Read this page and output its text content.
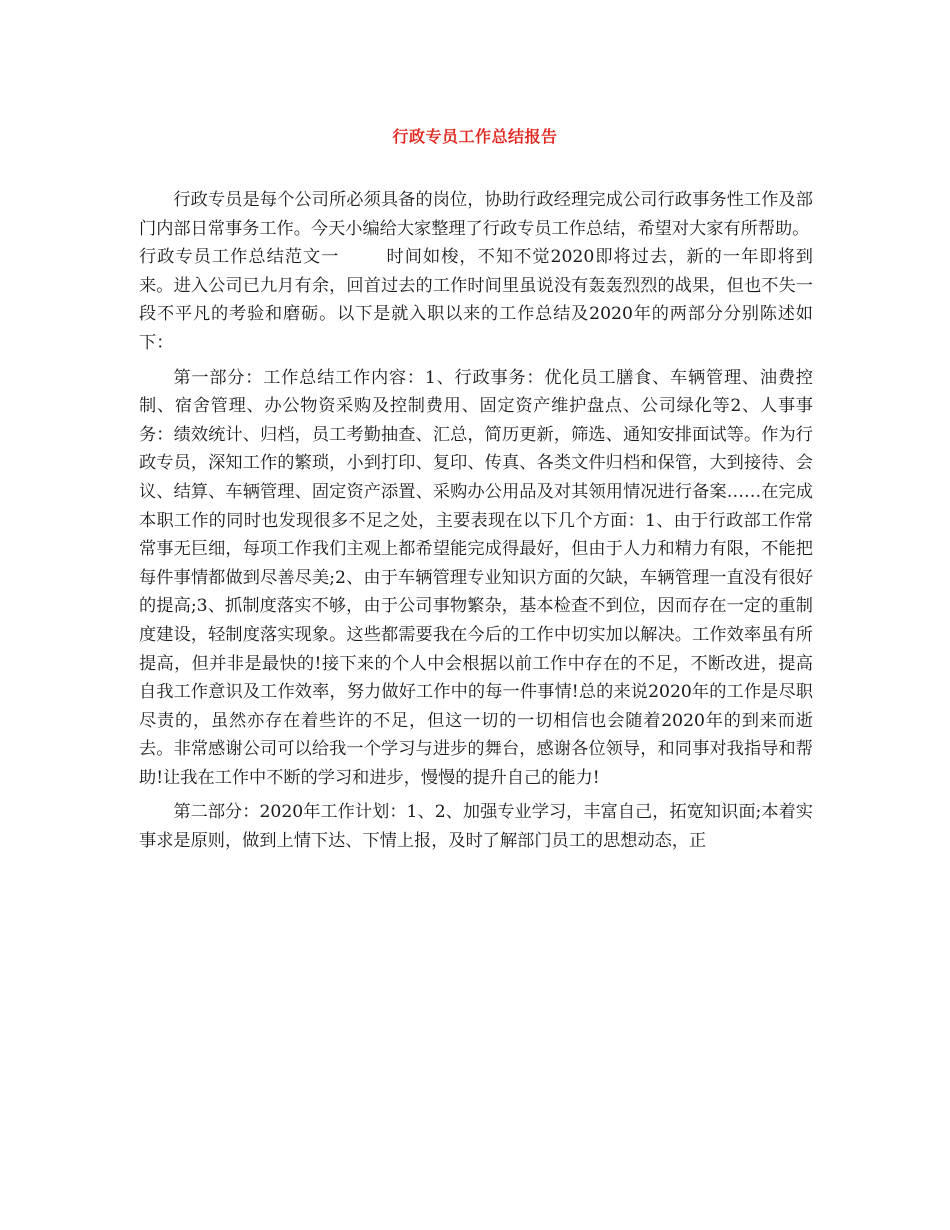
行政专员工作总结报告

行政专员是每个公司所必须具备的岗位，协助行政经理完成公司行政事务性工作及部门内部日常事务工作。今天小编给大家整理了行政专员工作总结，希望对大家有所帮助。

行政专员工作总结范文一	时间如梭，不知不觉2020即将过去，新的一年即将到来。进入公司已九月有余，回首过去的工作时间里虽说没有轰轰烈烈的战果，但也不失一段不平凡的考验和磨砺。以下是就入职以来的工作总结及2020年的两部分分别陈述如下：

第一部分：工作总结工作内容：1、行政事务：优化员工膳食、车辆管理、油费控制、宿舍管理、办公物资采购及控制费用、固定资产维护盘点、公司绿化等2、人事事务：绩效统计、归档，员工考勤抽查、汇总，简历更新，筛选、通知安排面试等。作为行政专员，深知工作的繁琐，小到打印、复印、传真、各类文件归档和保管，大到接待、会议、结算、车辆管理、固定资产添置、采购办公用品及对其领用情况进行备案……在完成本职工作的同时也发现很多不足之处，主要表现在以下几个方面：1、由于行政部工作常常事无巨细，每项工作我们主观上都希望能完成得最好，但由于人力和精力有限，不能把每件事情都做到尽善尽美;2、由于车辆管理专业知识方面的欠缺，车辆管理一直没有很好的提高;3、抓制度落实不够，由于公司事物繁杂，基本检查不到位，因而存在一定的重制度建设，轻制度落实现象。这些都需要我在今后的工作中切实加以解决。工作效率虽有所提高，但并非是最快的!接下来的个人中会根据以前工作中存在的不足，不断改进，提高自我工作意识及工作效率，努力做好工作中的每一件事情!总的来说2020年的工作是尽职尽责的，虽然亦存在着些许的不足，但这一切的一切相信也会随着2020年的到来而逝去。非常感谢公司可以给我一个学习与进步的舞台，感谢各位领导，和同事对我指导和帮助!让我在工作中不断的学习和进步，慢慢的提升自己的能力!

第二部分：2020年工作计划：1、2、加强专业学习，丰富自己，拓宽知识面;本着实事求是原则，做到上情下达、下情上报，及时了解部门员工的思想动态，正
